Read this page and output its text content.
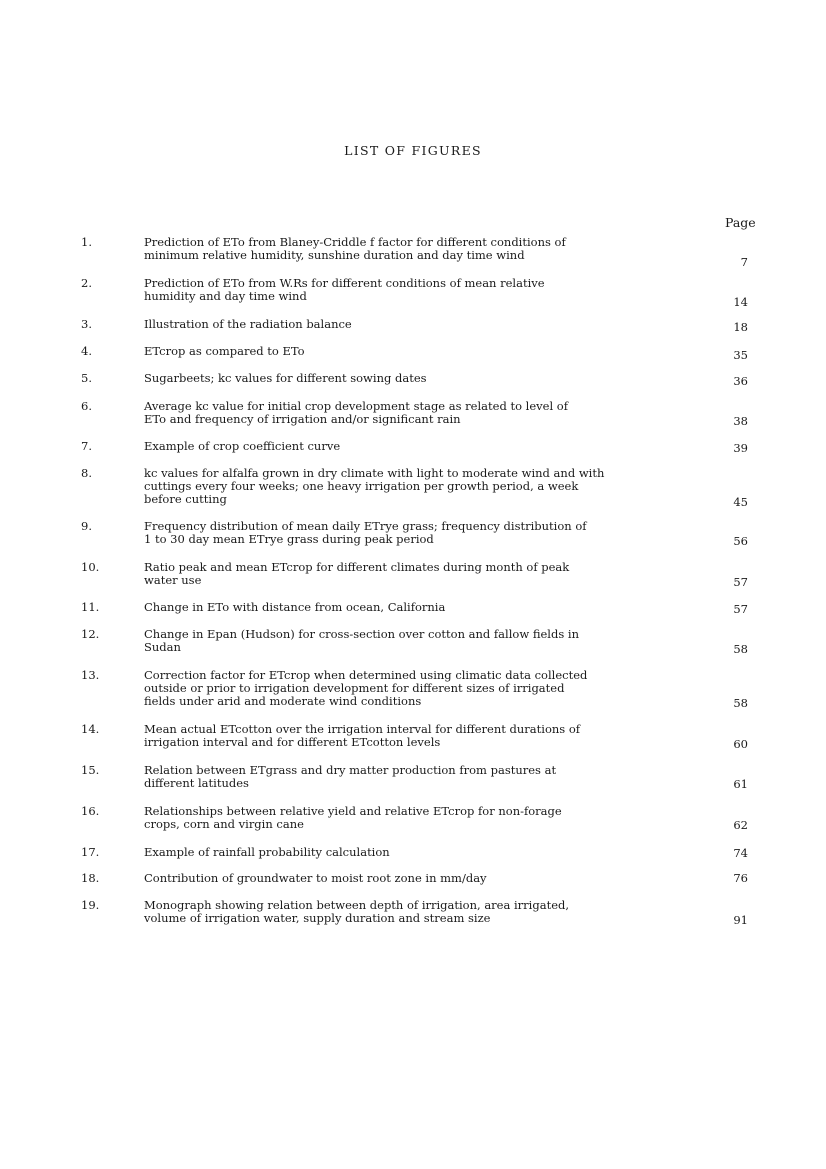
LIST OF FIGURES
Page
1.	Prediction of ETo from Blaney-Criddle f factor for different conditions of
minimum relative humidity, sunshine duration and day time wind	7
2.	Prediction of ETo from W.Rs for different conditions of mean relative
humidity and day time wind	14
3.	Illustration of the radiation balance	18
4.	ETcrop as compared to ETo	35
5.	Sugarbeets; kc values for different sowing dates	36
6.	Average kc value for initial crop development stage as related to level of
ETo and frequency of irrigation and/or significant rain	38
7.	Example of crop coefficient curve	39
8.	kc values for alfalfa grown in dry climate with light to moderate wind and with
cuttings every four weeks; one heavy irrigation per growth period, a week
before cutting	45
9.	Frequency distribution of mean daily ETrye grass; frequency distribution of
1 to 30 day mean ETrye grass during peak period	56
10.	Ratio peak and mean ETcrop for different climates during month of peak
water use	57
11.	Change in ETo with distance from ocean, California	57
12.	Change in Epan (Hudson) for cross-section over cotton and fallow fields in
Sudan	58
13.	Correction factor for ETcrop when determined using climatic data collected
outside or prior to irrigation development for different sizes of irrigated
fields under arid and moderate wind conditions	58
14.	Mean actual ETcotton over the irrigation interval for different durations of
irrigation interval and for different ETcotton levels	60
15.	Relation between ETgrass and dry matter production from pastures at
different latitudes	61
16.	Relationships between relative yield and relative ETcrop for non-forage
crops, corn and virgin cane	62
17.	Example of rainfall probability calculation	74
18.	Contribution of groundwater to moist root zone in mm/day	76
19.	Monograph showing relation between depth of irrigation, area irrigated,
volume of irrigation water, supply duration and stream size	91
